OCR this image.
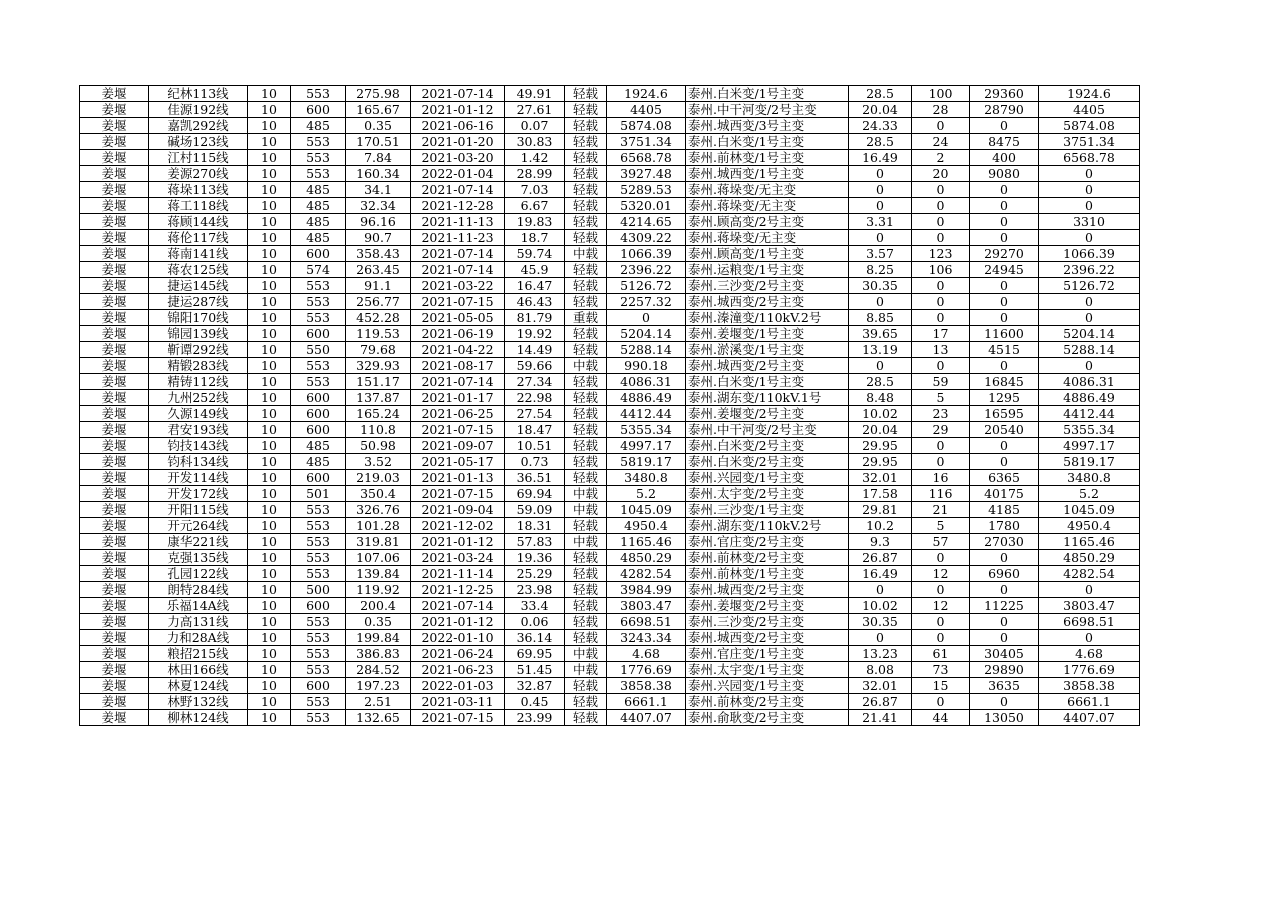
姜堰	纪林113线	10	553	275.98	2021-07-14	49.91	轻载	1924.6	泰州.白米变/1号主变	28.5	100	29360	1924.6
姜堰	佳源192线	10	600	165.67	2021-01-12	27.61	轻载	4405	泰州.中干河变/2号主变	20.04	28	28790	4405
姜堰	嘉凯292线	10	485	0.35	2021-06-16	0.07	轻载	5874.08	泰州.城西变/3号主变	24.33	0	0	5874.08
姜堰	碱场123线	10	553	170.51	2021-01-20	30.83	轻载	3751.34	泰州.白米变/1号主变	28.5	24	8475	3751.34
姜堰	江村115线	10	553	7.84	2021-03-20	1.42	轻载	6568.78	泰州.前林变/1号主变	16.49	2	400	6568.78
姜堰	姜源270线	10	553	160.34	2022-01-04	28.99	轻载	3927.48	泰州.城西变/1号主变	0	20	9080	0
姜堰	蒋垛113线	10	485	34.1	2021-07-14	7.03	轻载	5289.53	泰州.蒋垛变/无主变	0	0	0	0
姜堰	蒋工118线	10	485	32.34	2021-12-28	6.67	轻载	5320.01	泰州.蒋垛变/无主变	0	0	0	0
姜堰	蒋顾144线	10	485	96.16	2021-11-13	19.83	轻载	4214.65	泰州.顾高变/2号主变	3.31	0	0	3310
姜堰	蒋伦117线	10	485	90.7	2021-11-23	18.7	轻载	4309.22	泰州.蒋垛变/无主变	0	0	0	0
姜堰	蒋南141线	10	600	358.43	2021-07-14	59.74	中载	1066.39	泰州.顾高变/1号主变	3.57	123	29270	1066.39
姜堰	蒋农125线	10	574	263.45	2021-07-14	45.9	轻载	2396.22	泰州.运粮变/1号主变	8.25	106	24945	2396.22
姜堰	捷运145线	10	553	91.1	2021-03-22	16.47	轻载	5126.72	泰州.三沙变/2号主变	30.35	0	0	5126.72
姜堰	捷运287线	10	553	256.77	2021-07-15	46.43	轻载	2257.32	泰州.城西变/2号主变	0	0	0	0
姜堰	锦阳170线	10	553	452.28	2021-05-05	81.79	重载	0	泰州.溱潼变/110kV.2号	8.85	0	0	0
姜堰	锦园139线	10	600	119.53	2021-06-19	19.92	轻载	5204.14	泰州.姜堰变/1号主变	39.65	17	11600	5204.14
姜堰	靳谭292线	10	550	79.68	2021-04-22	14.49	轻载	5288.14	泰州.淤溪变/1号主变	13.19	13	4515	5288.14
姜堰	精锻283线	10	553	329.93	2021-08-17	59.66	中载	990.18	泰州.城西变/2号主变	0	0	0	0
姜堰	精铸112线	10	553	151.17	2021-07-14	27.34	轻载	4086.31	泰州.白米变/1号主变	28.5	59	16845	4086.31
姜堰	九州252线	10	600	137.87	2021-01-17	22.98	轻载	4886.49	泰州.湖东变/110kV.1号	8.48	5	1295	4886.49
姜堰	久源149线	10	600	165.24	2021-06-25	27.54	轻载	4412.44	泰州.姜堰变/2号主变	10.02	23	16595	4412.44
姜堰	君安193线	10	600	110.8	2021-07-15	18.47	轻载	5355.34	泰州.中干河变/2号主变	20.04	29	20540	5355.34
姜堰	钧技143线	10	485	50.98	2021-09-07	10.51	轻载	4997.17	泰州.白米变/2号主变	29.95	0	0	4997.17
姜堰	钧科134线	10	485	3.52	2021-05-17	0.73	轻载	5819.17	泰州.白米变/2号主变	29.95	0	0	5819.17
姜堰	开发114线	10	600	219.03	2021-01-13	36.51	轻载	3480.8	泰州.兴园变/1号主变	32.01	16	6365	3480.8
姜堰	开发172线	10	501	350.4	2021-07-15	69.94	中载	5.2	泰州.太宇变/2号主变	17.58	116	40175	5.2
姜堰	开阳115线	10	553	326.76	2021-09-04	59.09	中载	1045.09	泰州.三沙变/1号主变	29.81	21	4185	1045.09
姜堰	开元264线	10	553	101.28	2021-12-02	18.31	轻载	4950.4	泰州.湖东变/110kV.2号	10.2	5	1780	4950.4
姜堰	康华221线	10	553	319.81	2021-01-12	57.83	中载	1165.46	泰州.官庄变/2号主变	9.3	57	27030	1165.46
姜堰	克强135线	10	553	107.06	2021-03-24	19.36	轻载	4850.29	泰州.前林变/2号主变	26.87	0	0	4850.29
姜堰	孔园122线	10	553	139.84	2021-11-14	25.29	轻载	4282.54	泰州.前林变/1号主变	16.49	12	6960	4282.54
姜堰	朗特284线	10	500	119.92	2021-12-25	23.98	轻载	3984.99	泰州.城西变/2号主变	0	0	0	0
姜堰	乐福14A线	10	600	200.4	2021-07-14	33.4	轻载	3803.47	泰州.姜堰变/2号主变	10.02	12	11225	3803.47
姜堰	力高131线	10	553	0.35	2021-01-12	0.06	轻载	6698.51	泰州.三沙变/2号主变	30.35	0	0	6698.51
姜堰	力和28A线	10	553	199.84	2022-01-10	36.14	轻载	3243.34	泰州.城西变/2号主变	0	0	0	0
姜堰	粮招215线	10	553	386.83	2021-06-24	69.95	中载	4.68	泰州.官庄变/1号主变	13.23	61	30405	4.68
姜堰	林田166线	10	553	284.52	2021-06-23	51.45	中载	1776.69	泰州.太宇变/1号主变	8.08	73	29890	1776.69
姜堰	林夏124线	10	600	197.23	2022-01-03	32.87	轻载	3858.38	泰州.兴园变/1号主变	32.01	15	3635	3858.38
姜堰	林野132线	10	553	2.51	2021-03-11	0.45	轻载	6661.1	泰州.前林变/2号主变	26.87	0	0	6661.1
姜堰	柳林124线	10	553	132.65	2021-07-15	23.99	轻载	4407.07	泰州.俞耿变/2号主变	21.41	44	13050	4407.07
